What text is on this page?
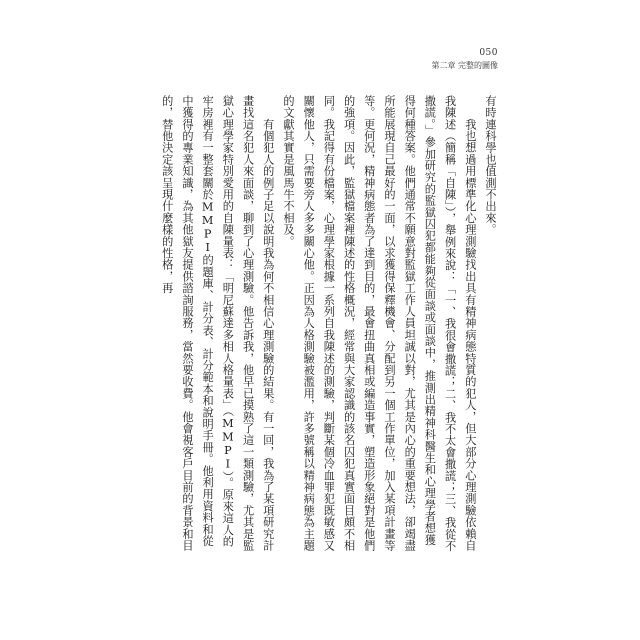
050
第二章 完整的圖像

有時連科學也值測不出來。

　　我也想過用標準化心理測驗找出具有精神病態特質的犯人，但大部分心理測驗依賴自我陳述（簡稱「自陳」），舉例來說：「一、我很會撒謊；二、我不太會撒謊；三、我從不撒謊。」參加研究的監獄囚犯都能夠從面談或面談中，推測出精神科醫生和心理學者想獲得何種答案。他們通常不願意對監獄工作人員坦誠以對，尤其是內心的重要想法，卻竭盡所能展現自己最好的一面，以求獲得保釋機會、分配到另一個工作單位，加入某項計畫等等。更何況，精神病態者為了達到目的，最會扭曲真相或編造事實，塑造形象絕對是他們的強項。因此，監獄檔案裡陳述的性格概況，經常與大家認識的該名囚犯真實面目頗不相同。我記得有份檔案，心理學家根據一系列自我陳述的測驗，判斷某個冷血罪犯既敏感又關懷他人，只需要旁人多多關心他。正因為人格測驗被濫用，許多號稱以精神病態為主題的文獻其實是風馬牛不相及。

　　有個犯人的例子足以說明我為何不相信心理測驗的結果。有一回，我為了某項研究計畫找這名犯人來面談，聊到了心理測驗。他告訴我，他早已摸熟了這一類測驗，尤其是監獄心理學家特別愛用的自陳量表：「明尼蘇達多相人格量表」（MMPI）。原來這人的牢房裡有一整套關於MMPI的題庫、計分表、計分範本和說明手冊。他利用資料和從中獲得的專業知識，為其他獄友提供諮詢服務，當然要收費。他會視客戶目前的背景和目的，替他決定該呈現什麼樣的性格，再
